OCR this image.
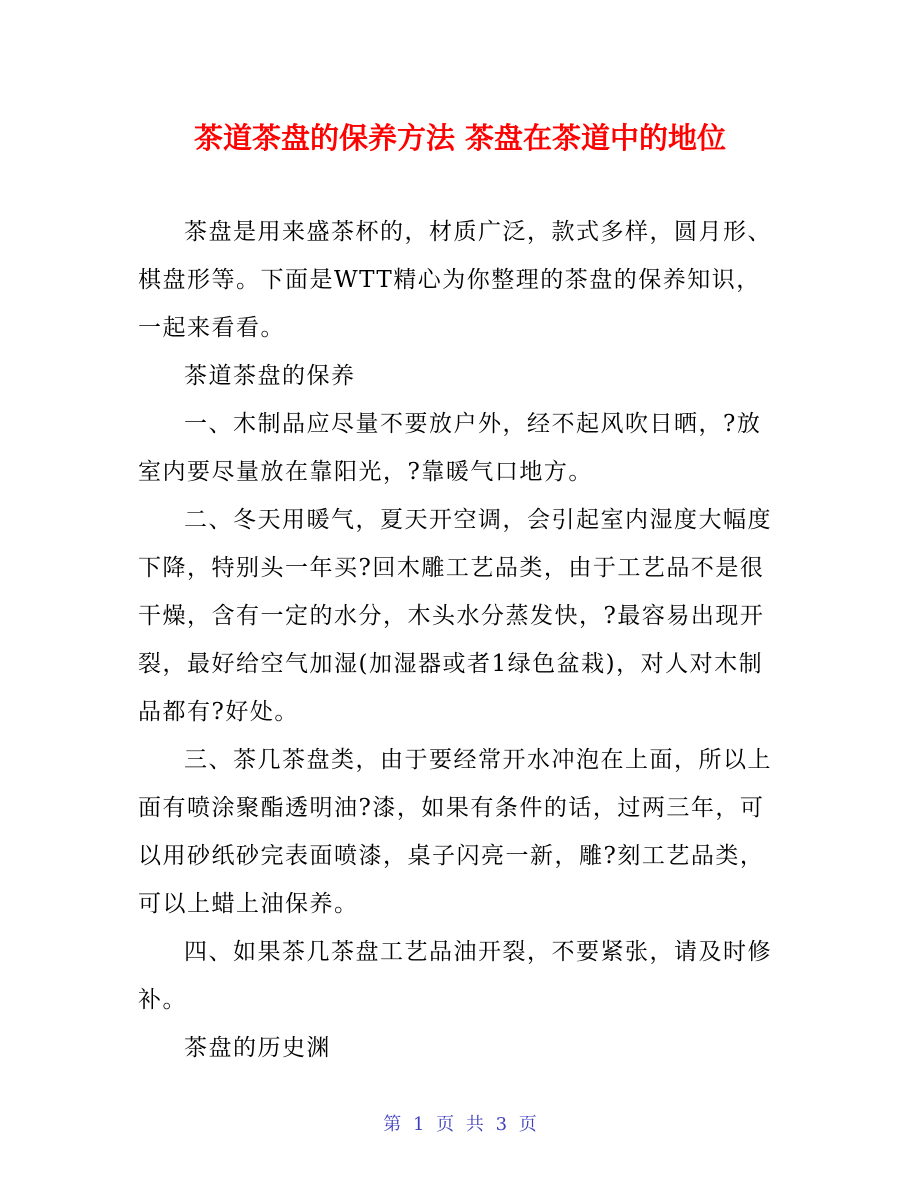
茶道茶盘的保养方法 茶盘在茶道中的地位

茶盘是用来盛茶杯的，材质广泛，款式多样，圆月形、棋盘形等。下面是WTT精心为你整理的茶盘的保养知识，一起来看看。

茶道茶盘的保养

一、木制品应尽量不要放户外，经不起风吹日晒，?放室内要尽量放在靠阳光，?靠暖气口地方。

二、冬天用暖气，夏天开空调，会引起室内湿度大幅度下降，特别头一年买?回木雕工艺品类，由于工艺品不是很干燥，含有一定的水分，木头水分蒸发快，?最容易出现开裂，最好给空气加湿(加湿器或者1绿色盆栽)，对人对木制品都有?好处。

三、茶几茶盘类，由于要经常开水冲泡在上面，所以上面有喷涂聚酯透明油?漆，如果有条件的话，过两三年，可以用砂纸砂完表面喷漆，桌子闪亮一新，雕?刻工艺品类，可以上蜡上油保养。

四、如果茶几茶盘工艺品油开裂，不要紧张，请及时修补。

茶盘的历史渊

第 1 页 共 3 页
